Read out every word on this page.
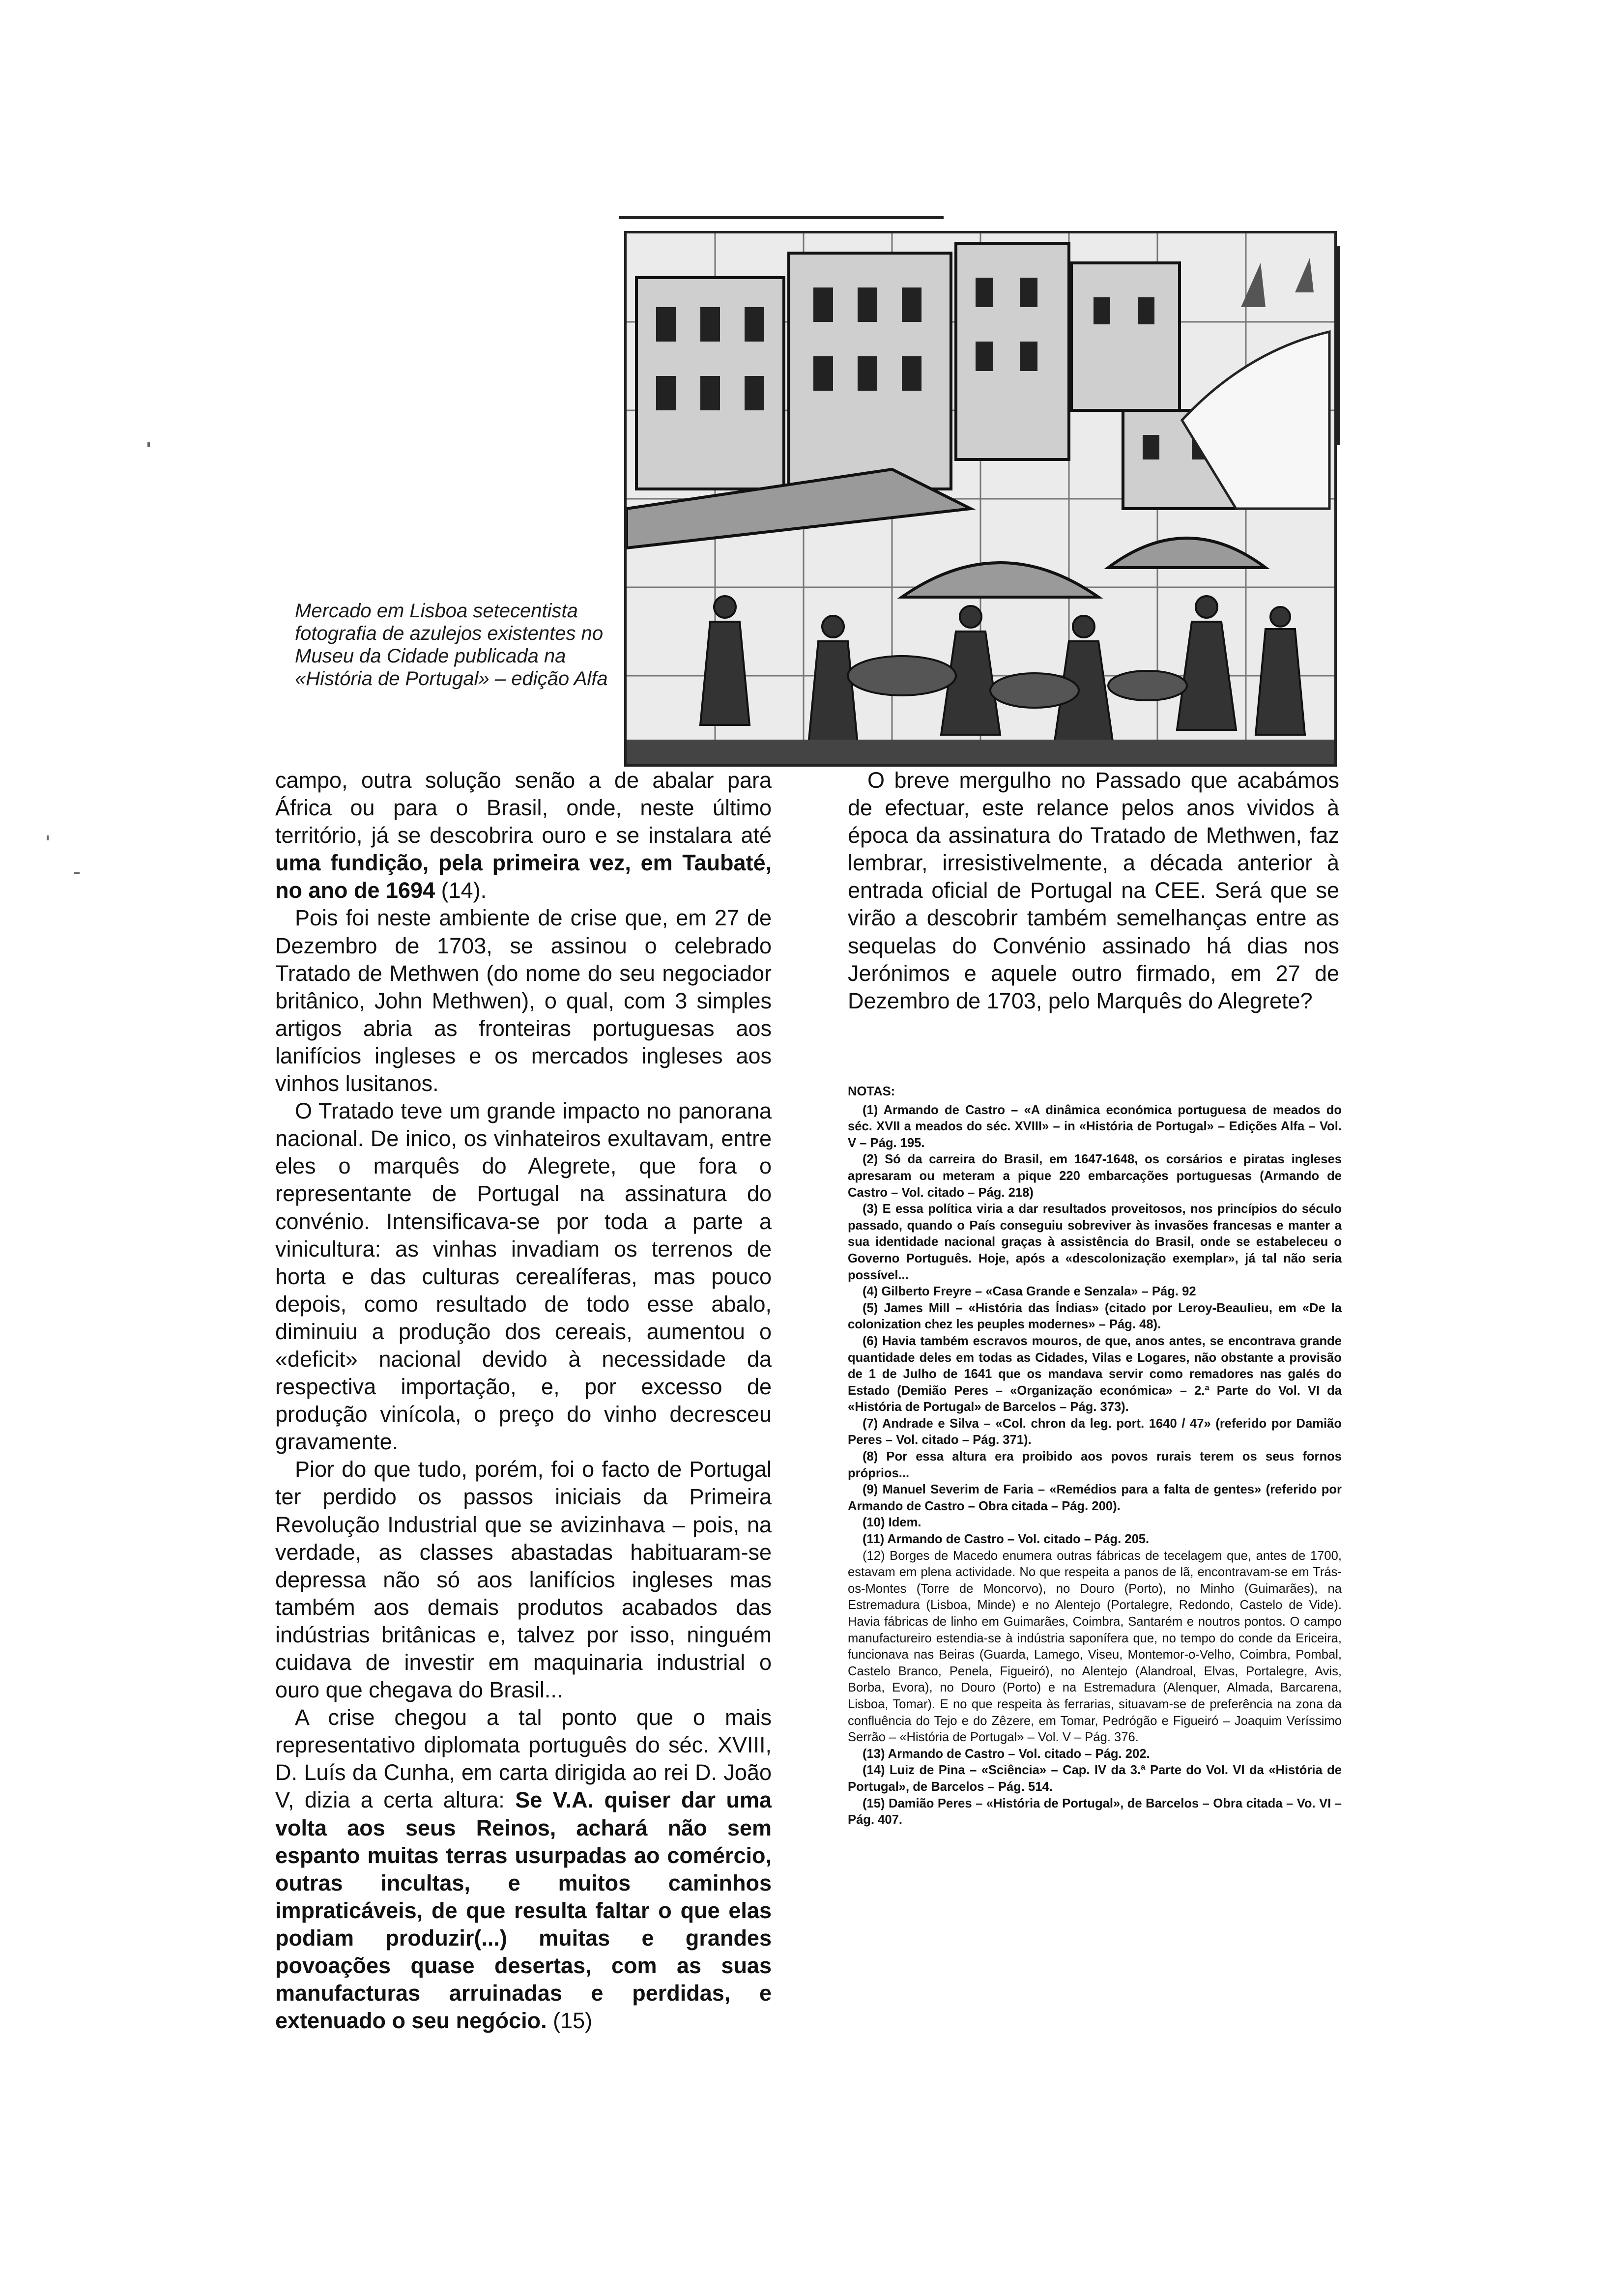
Mercado em Lisboa setecentista fotografia de azulejos existentes no Museu da Cidade publicada na «História de Portugal» – edição Alfa

campo, outra solução senão a de abalar para África ou para o Brasil, onde, neste último território, já se descobrira ouro e se instalara até uma fundição, pela primeira vez, em Taubaté, no ano de 1694 (14).

Pois foi neste ambiente de crise que, em 27 de Dezembro de 1703, se assinou o celebrado Tratado de Methwen (do nome do seu negociador britânico, John Methwen), o qual, com 3 simples artigos abria as fronteiras portuguesas aos lanifícios ingleses e os mercados ingleses aos vinhos lusitanos.

O Tratado teve um grande impacto no panorana nacional. De inico, os vinhateiros exultavam, entre eles o marquês do Alegrete, que fora o representante de Portugal na assinatura do convénio. Intensificava-se por toda a parte a vinicultura: as vinhas invadiam os terrenos de horta e das culturas cerealíferas, mas pouco depois, como resultado de todo esse abalo, diminuiu a produção dos cereais, aumentou o «deficit» nacional devido à necessidade da respectiva importação, e, por excesso de produção vinícola, o preço do vinho decresceu gravamente.

Pior do que tudo, porém, foi o facto de Portugal ter perdido os passos iniciais da Primeira Revolução Industrial que se avizinhava – pois, na verdade, as classes abastadas habituaram-se depressa não só aos lanifícios ingleses mas também aos demais produtos acabados das indústrias britânicas e, talvez por isso, ninguém cuidava de investir em maquinaria industrial o ouro que chegava do Brasil...

A crise chegou a tal ponto que o mais representativo diplomata português do séc. XVIII, D. Luís da Cunha, em carta dirigida ao rei D. João V, dizia a certa altura: Se V.A. quiser dar uma volta aos seus Reinos, achará não sem espanto muitas terras usurpadas ao comércio, outras incultas, e muitos caminhos impraticáveis, de que resulta faltar o que elas podiam produzir(...) muitas e grandes povoações quase desertas, com as suas manufacturas arruinadas e perdidas, e extenuado o seu negócio. (15)

O breve mergulho no Passado que acabámos de efectuar, este relance pelos anos vividos à época da assinatura do Tratado de Methwen, faz lembrar, irresistivelmente, a década anterior à entrada oficial de Portugal na CEE. Será que se virão a descobrir também semelhanças entre as sequelas do Convénio assinado há dias nos Jerónimos e aquele outro firmado, em 27 de Dezembro de 1703, pelo Marquês do Alegrete?

NOTAS:

(1) Armando de Castro – «A dinâmica económica portuguesa de meados do séc. XVII a meados do séc. XVIII» – in «História de Portugal» – Edições Alfa – Vol. V – Pág. 195.

(2) Só da carreira do Brasil, em 1647-1648, os corsários e piratas ingleses apresaram ou meteram a pique 220 embarcações portuguesas (Armando de Castro – Vol. citado – Pág. 218)

(3) E essa política viria a dar resultados proveitosos, nos princípios do século passado, quando o País conseguiu sobreviver às invasões francesas e manter a sua identidade nacional graças à assistência do Brasil, onde se estabeleceu o Governo Português. Hoje, após a «descolonização exemplar», já tal não seria possível...

(4) Gilberto Freyre – «Casa Grande e Senzala» – Pág. 92

(5) James Mill – «História das Índias» (citado por Leroy-Beaulieu, em «De la colonization chez les peuples modernes» – Pág. 48).

(6) Havia também escravos mouros, de que, anos antes, se encontrava grande quantidade deles em todas as Cidades, Vilas e Logares, não obstante a provisão de 1 de Julho de 1641 que os mandava servir como remadores nas galés do Estado (Demião Peres – «Organização económica» – 2.ª Parte do Vol. VI da «História de Portugal» de Barcelos – Pág. 373).

(7) Andrade e Silva – «Col. chron da leg. port. 1640 / 47» (referido por Damião Peres – Vol. citado – Pág. 371).

(8) Por essa altura era proibido aos povos rurais terem os seus fornos próprios...

(9) Manuel Severim de Faria – «Remédios para a falta de gentes» (referido por Armando de Castro – Obra citada – Pág. 200).

(10) Idem.

(11) Armando de Castro – Vol. citado – Pág. 205.

(12) Borges de Macedo enumera outras fábricas de tecelagem que, antes de 1700, estavam em plena actividade. No que respeita a panos de lã, encontravam-se em Trás-os-Montes (Torre de Moncorvo), no Douro (Porto), no Minho (Guimarães), na Estremadura (Lisboa, Minde) e no Alentejo (Portalegre, Redondo, Castelo de Vide). Havia fábricas de linho em Guimarães, Coimbra, Santarém e noutros pontos. O campo manufactureiro estendia-se à indústria saponífera que, no tempo do conde da Ericeira, funcionava nas Beiras (Guarda, Lamego, Viseu, Montemor-o-Velho, Coimbra, Pombal, Castelo Branco, Penela, Figueiró), no Alentejo (Alandroal, Elvas, Portalegre, Avis, Borba, Evora), no Douro (Porto) e na Estremadura (Alenquer, Almada, Barcarena, Lisboa, Tomar). E no que respeita às ferrarias, situavam-se de preferência na zona da confluência do Tejo e do Zêzere, em Tomar, Pedrógão e Figueiró – Joaquim Veríssimo Serrão – «História de Portugal» – Vol. V – Pág. 376.

(13) Armando de Castro – Vol. citado – Pág. 202.

(14) Luiz de Pina – «Sciência» – Cap. IV da 3.ª Parte do Vol. VI da «História de Portugal», de Barcelos – Pág. 514.

(15) Damião Peres – «História de Portugal», de Barcelos – Obra citada – Vo. VI – Pág. 407.
